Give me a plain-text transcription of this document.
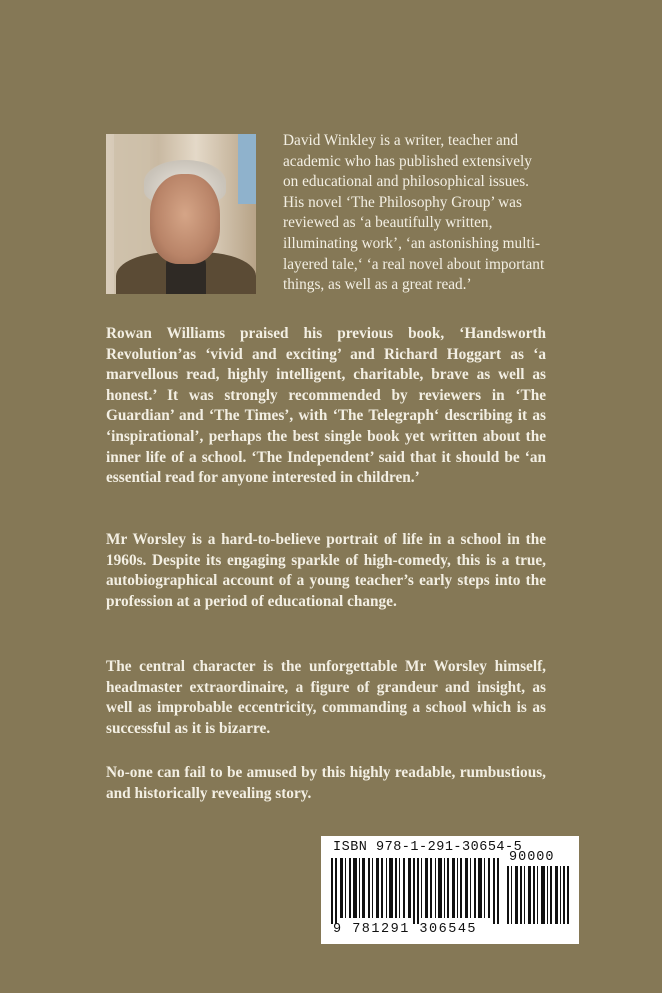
David Winkley is a writer, teacher and academic who has published extensively on educational and philosophical issues. His novel ‘The Philosophy Group’ was reviewed as ‘a beautifully written, illuminating work’, ‘an astonishing multi- layered tale,‘ ‘a real novel about important things, as well as a great read.’

Rowan Williams praised his previous book, ‘Handsworth Revolution’as ‘vivid and exciting’ and Richard Hoggart as ‘a marvellous read, highly intelligent, charitable, brave as well as honest.’ It was strongly recommended by reviewers in ‘The Guardian’ and ‘The Times’, with ‘The Telegraph‘ describing it as ‘inspirational’, perhaps the best single book yet written about the inner life of a school. ‘The Independent’ said that it should be ‘an essential read for anyone interested in children.’

Mr Worsley is a hard-to-believe portrait of life in a school in the 1960s. Despite its engaging sparkle of high-comedy, this is a true, autobiographical account of a young teacher’s early steps into the profession at a period of educational change.

The central character is the unforgettable Mr Worsley himself, headmaster extraordinaire, a figure of grandeur and insight, as well as improbable eccentricity, commanding a school which is as successful as it is bizarre.

No-one can fail to be amused by this highly readable, rumbustious, and historically revealing story.

ISBN 978-1-291-30654-5
90000
9 781291 306545
